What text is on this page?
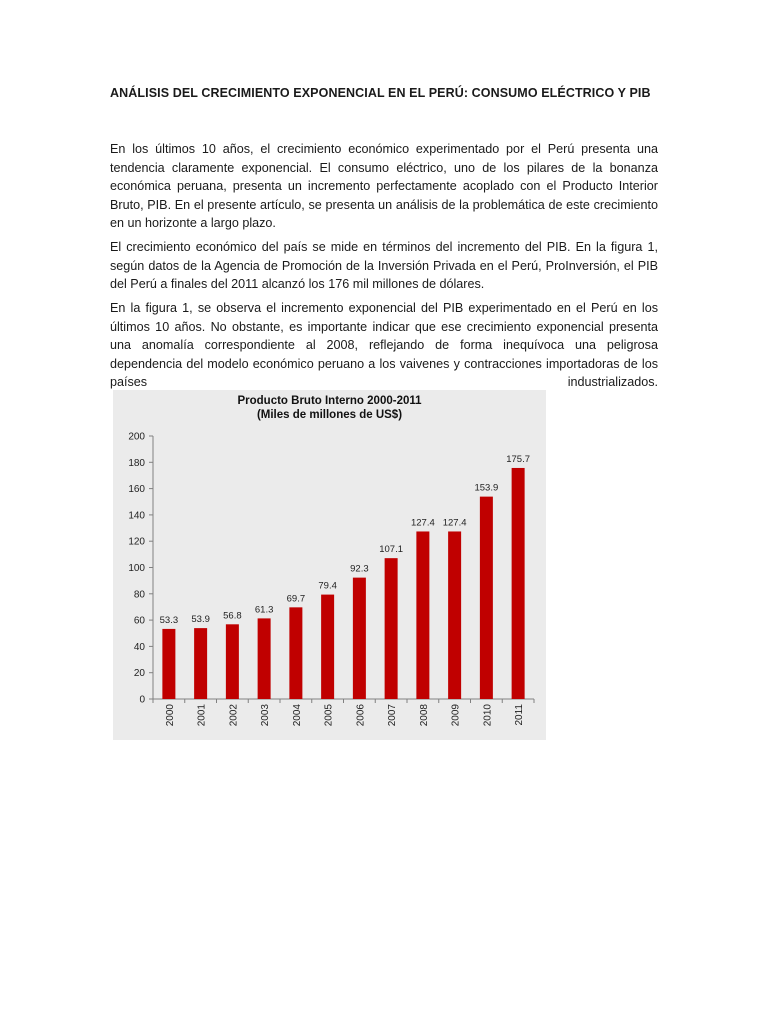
ANÁLISIS DEL CRECIMIENTO EXPONENCIAL EN EL PERÚ: CONSUMO ELÉCTRICO Y PIB
En los últimos 10 años, el crecimiento económico experimentado por el Perú presenta una tendencia claramente exponencial. El consumo eléctrico, uno de los pilares de la bonanza económica peruana, presenta un incremento perfectamente acoplado con el Producto Interior Bruto, PIB. En el presente artículo, se presenta un análisis de la problemática de este crecimiento en un horizonte a largo plazo.
El crecimiento económico del país se mide en términos del incremento del PIB. En la figura 1, según datos de la Agencia de Promoción de la Inversión Privada en el Perú, ProInversión, el PIB del Perú a finales del 2011 alcanzó los 176 mil millones de dólares.
En la figura 1, se observa el incremento exponencial del PIB experimentado en el Perú en los últimos 10 años. No obstante, es importante indicar que ese crecimiento exponencial presenta una anomalía correspondiente al 2008, reflejando de forma inequívoca una peligrosa dependencia del modelo económico peruano a los vaivenes y contracciones importadoras de los países industrializados.
Producto Bruto Interno 2000-2011
(Miles de millones de US$)
0
20
40
60
80
100
120
140
160
180
200
53.3
2000
53.9
2001
56.8
2002
61.3
2003
69.7
2004
79.4
2005
92.3
2006
107.1
2007
127.4
2008
127.4
2009
153.9
2010
175.7
2011
